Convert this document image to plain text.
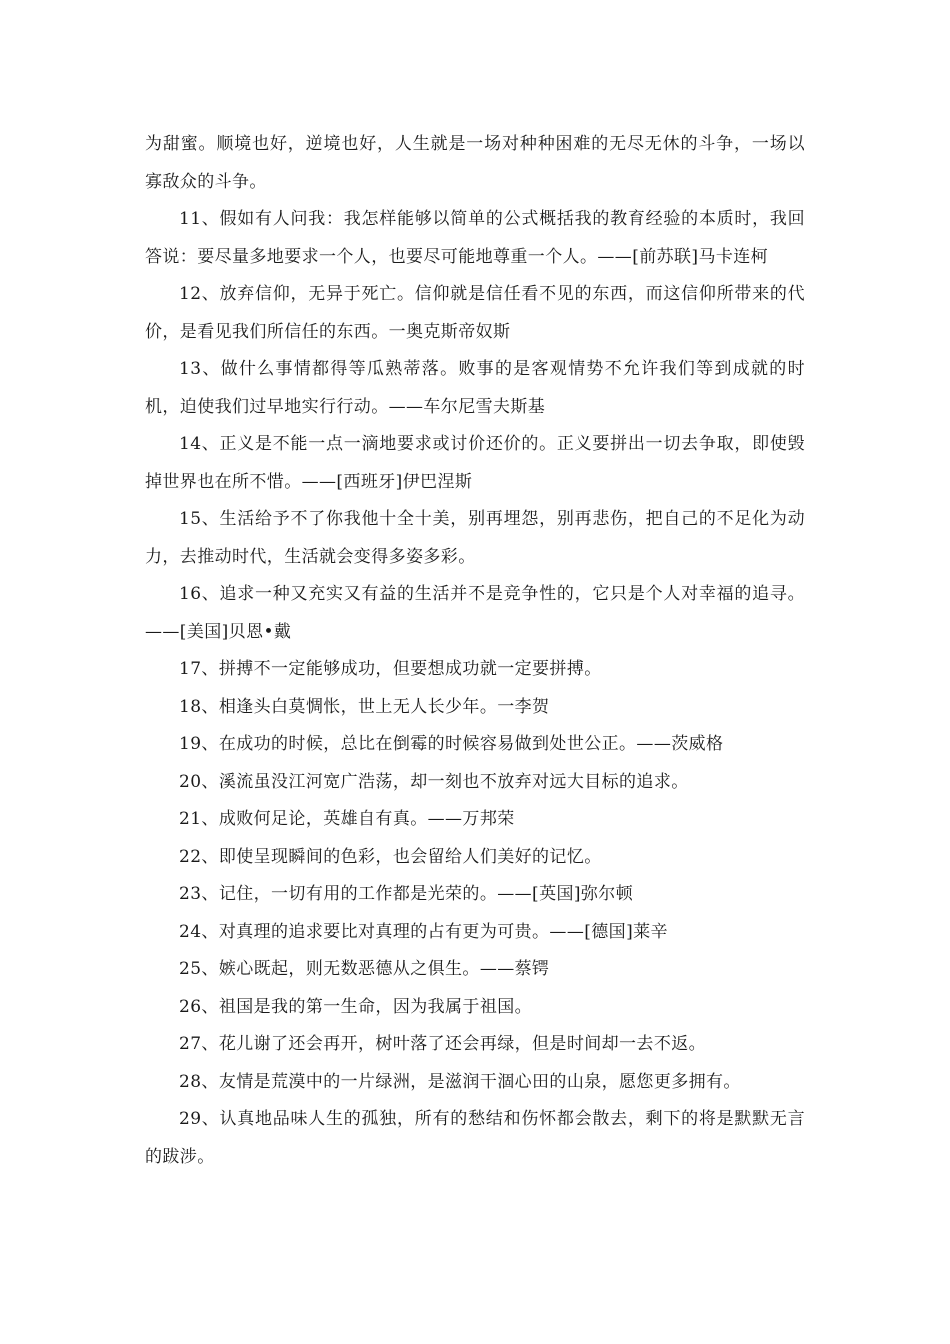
为甜蜜。顺境也好，逆境也好，人生就是一场对种种困难的无尽无休的斗争，一场以寡敌众的斗争。

11、假如有人问我：我怎样能够以简单的公式概括我的教育经验的本质时，我回答说：要尽量多地要求一个人，也要尽可能地尊重一个人。——[前苏联]马卡连柯

12、放弃信仰，无异于死亡。信仰就是信任看不见的东西，而这信仰所带来的代价，是看见我们所信任的东西。一奥克斯帝奴斯

13、做什么事情都得等瓜熟蒂落。败事的是客观情势不允许我们等到成就的时机，迫使我们过早地实行行动。——车尔尼雪夫斯基

14、正义是不能一点一滴地要求或讨价还价的。正义要拼出一切去争取，即使毁掉世界也在所不惜。——[西班牙]伊巴涅斯

15、生活给予不了你我他十全十美，别再埋怨，别再悲伤，把自己的不足化为动力，去推动时代，生活就会变得多姿多彩。

16、追求一种又充实又有益的生活并不是竞争性的，它只是个人对幸福的追寻。——[美国]贝恩•戴

17、拼搏不一定能够成功，但要想成功就一定要拼搏。

18、相逢头白莫惆怅，世上无人长少年。一李贺

19、在成功的时候，总比在倒霉的时候容易做到处世公正。——茨威格

20、溪流虽没江河宽广浩荡，却一刻也不放弃对远大目标的追求。

21、成败何足论，英雄自有真。——万邦荣

22、即使呈现瞬间的色彩，也会留给人们美好的记忆。

23、记住，一切有用的工作都是光荣的。——[英国]弥尔顿

24、对真理的追求要比对真理的占有更为可贵。——[德国]莱辛

25、嫉心既起，则无数恶德从之俱生。——蔡锷

26、祖国是我的第一生命，因为我属于祖国。

27、花儿谢了还会再开，树叶落了还会再绿，但是时间却一去不返。

28、友情是荒漠中的一片绿洲，是滋润干涸心田的山泉，愿您更多拥有。

29、认真地品味人生的孤独，所有的愁结和伤怀都会散去，剩下的将是默默无言的跋涉。
